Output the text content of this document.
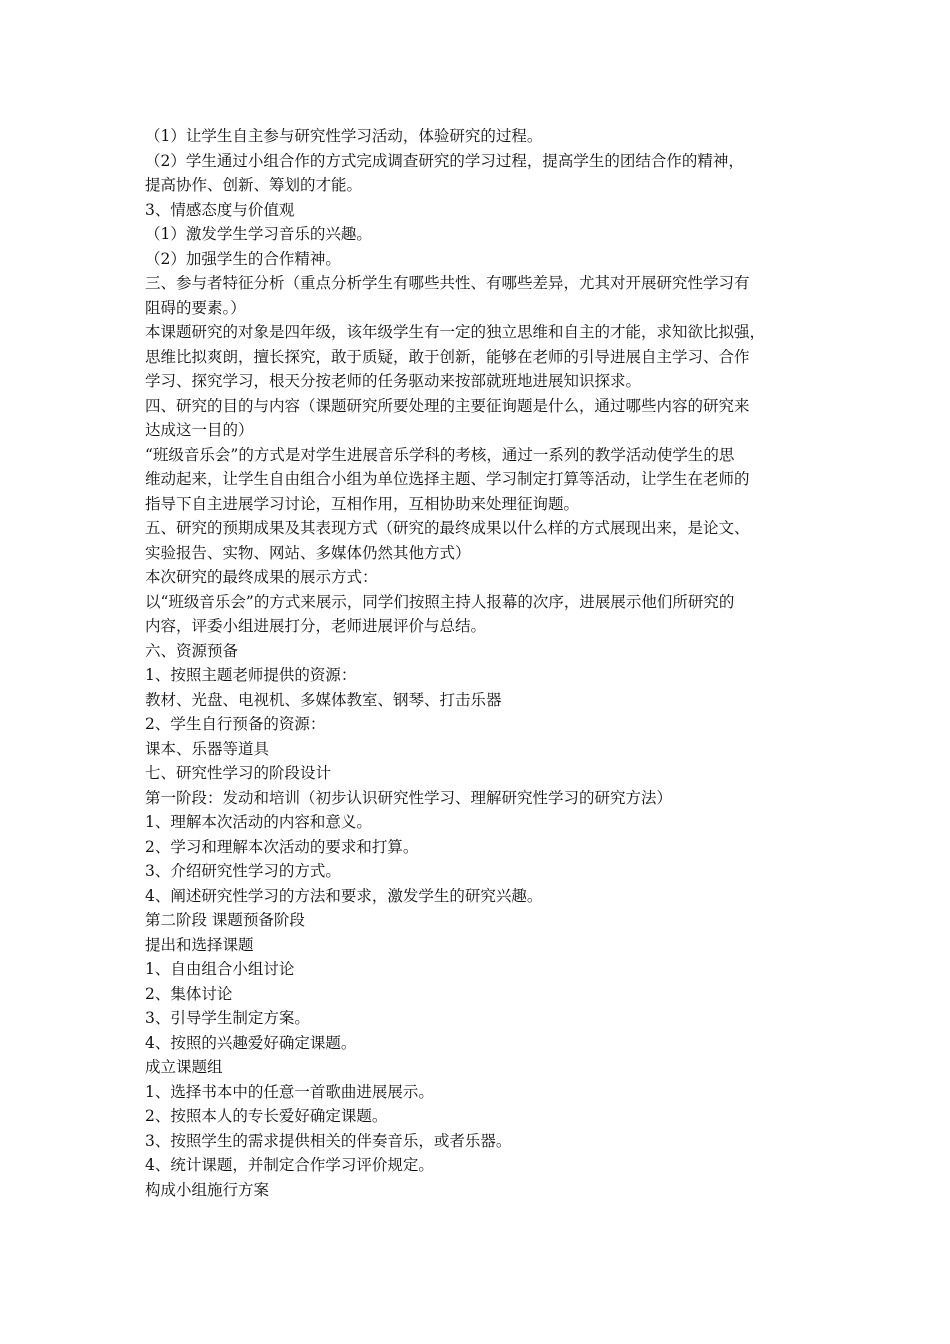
（1）让学生自主参与研究性学习活动，体验研究的过程。
（2）学生通过小组合作的方式完成调查研究的学习过程，提高学生的团结合作的精神，
提高协作、创新、筹划的才能。
3、情感态度与价值观
（1）激发学生学习音乐的兴趣。
（2）加强学生的合作精神。
三、参与者特征分析（重点分析学生有哪些共性、有哪些差异，尤其对开展研究性学习有
阻碍的要素。）
本课题研究的对象是四年级，该年级学生有一定的独立思维和自主的才能，求知欲比拟强，
思维比拟爽朗，擅长探究，敢于质疑，敢于创新，能够在老师的引导进展自主学习、合作
学习、探究学习，根天分按老师的任务驱动来按部就班地进展知识探求。
四、研究的目的与内容（课题研究所要处理的主要征询题是什么，通过哪些内容的研究来
达成这一目的）
“班级音乐会”的方式是对学生进展音乐学科的考核，通过一系列的教学活动使学生的思
维动起来，让学生自由组合小组为单位选择主题、学习制定打算等活动，让学生在老师的
指导下自主进展学习讨论，互相作用，互相协助来处理征询题。
五、研究的预期成果及其表现方式（研究的最终成果以什么样的方式展现出来，是论文、
实验报告、实物、网站、多媒体仍然其他方式）
本次研究的最终成果的展示方式：
以“班级音乐会”的方式来展示，同学们按照主持人报幕的次序，进展展示他们所研究的
内容，评委小组进展打分，老师进展评价与总结。
六、资源预备
1、按照主题老师提供的资源：
教材、光盘、电视机、多媒体教室、钢琴、打击乐器
2、学生自行预备的资源：
课本、乐器等道具
七、研究性学习的阶段设计
第一阶段：发动和培训（初步认识研究性学习、理解研究性学习的研究方法）
1、理解本次活动的内容和意义。
2、学习和理解本次活动的要求和打算。
3、介绍研究性学习的方式。
4、阐述研究性学习的方法和要求，激发学生的研究兴趣。
第二阶段 课题预备阶段
提出和选择课题
1、自由组合小组讨论
2、集体讨论
3、引导学生制定方案。
4、按照的兴趣爱好确定课题。
成立课题组
1、选择书本中的任意一首歌曲进展展示。
2、按照本人的专长爱好确定课题。
3、按照学生的需求提供相关的伴奏音乐，或者乐器。
4、统计课题，并制定合作学习评价规定。
构成小组施行方案
